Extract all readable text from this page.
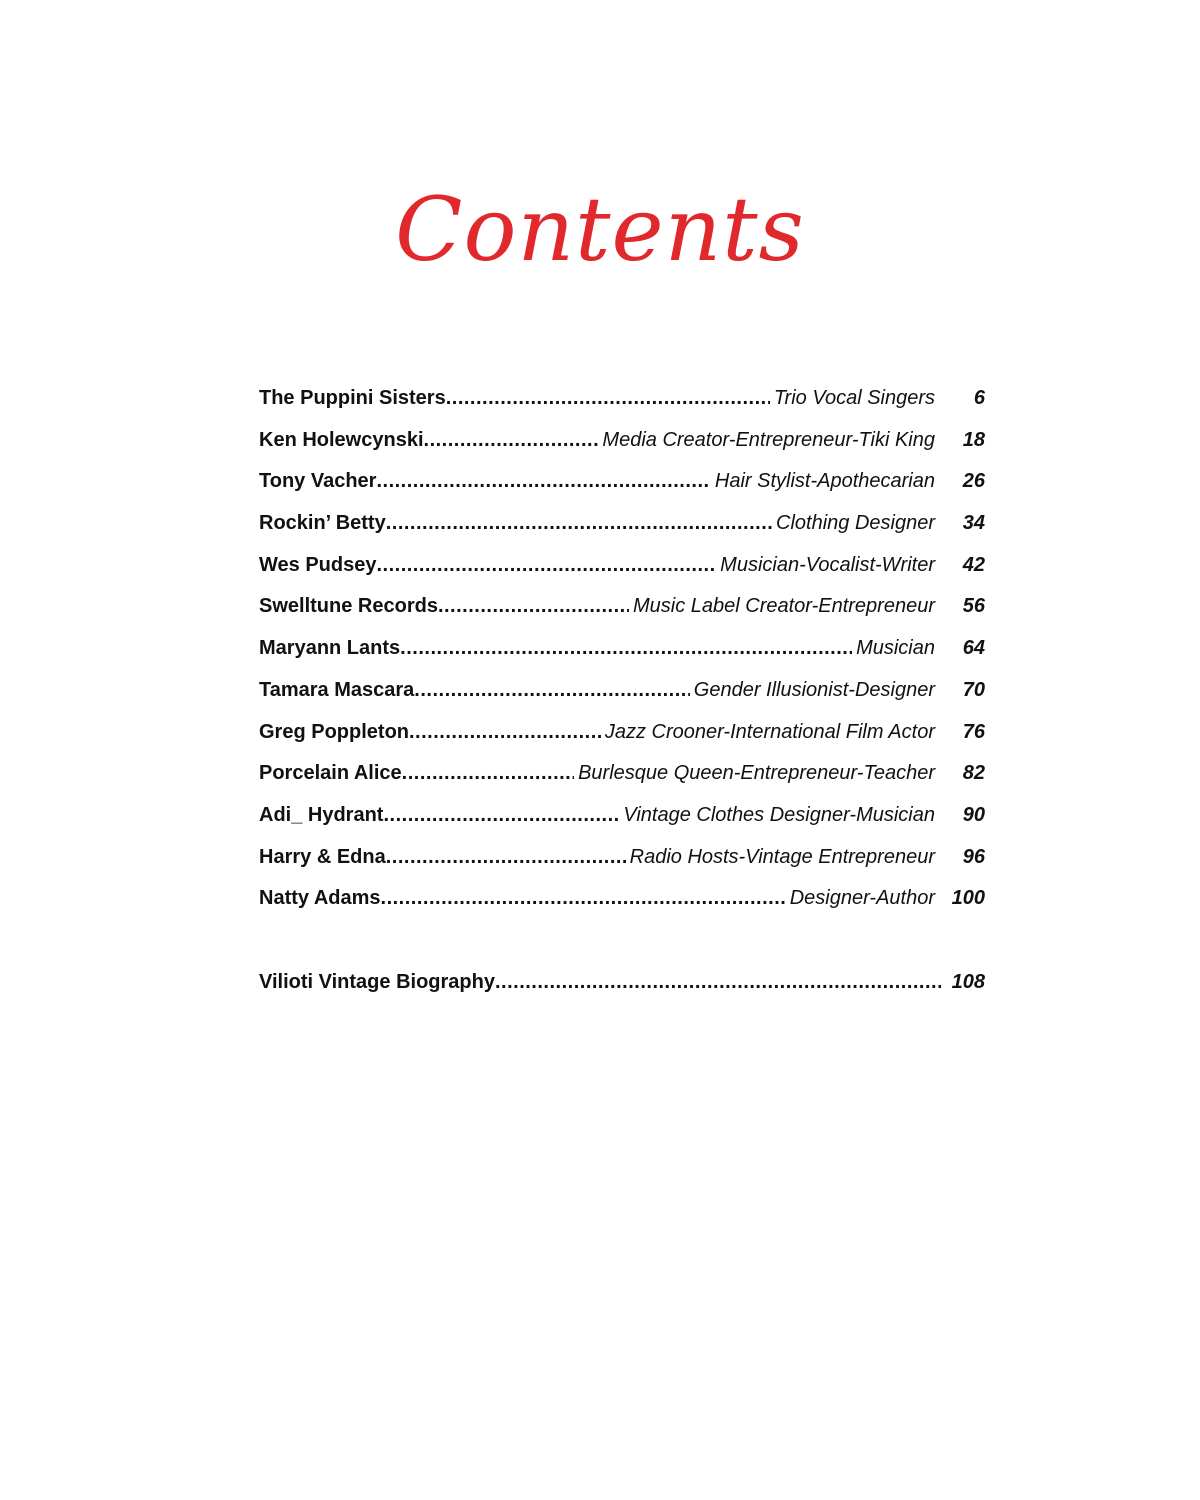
Contents
The Puppini Sisters .....	Trio Vocal Singers	6
Ken Holewcynski .....	Media Creator-Entrepreneur-Tiki King	18
Tony Vacher .....	Hair Stylist-Apothecarian	26
Rockin’ Betty .....	Clothing Designer	34
Wes Pudsey .....	Musician-Vocalist-Writer	42
Swelltune Records .....	Music Label Creator-Entrepreneur	56
Maryann Lants .....	Musician	64
Tamara Mascara .....	Gender Illusionist-Designer	70
Greg Poppleton .....	Jazz Crooner-International Film Actor	76
Porcelain Alice .....	Burlesque Queen-Entrepreneur-Teacher	82
Adi_ Hydrant .....	Vintage Clothes Designer-Musician	90
Harry & Edna .....	Radio Hosts-Vintage Entrepreneur	96
Natty Adams .....	Designer-Author 100
Vilioti Vintage Biography .....	108
